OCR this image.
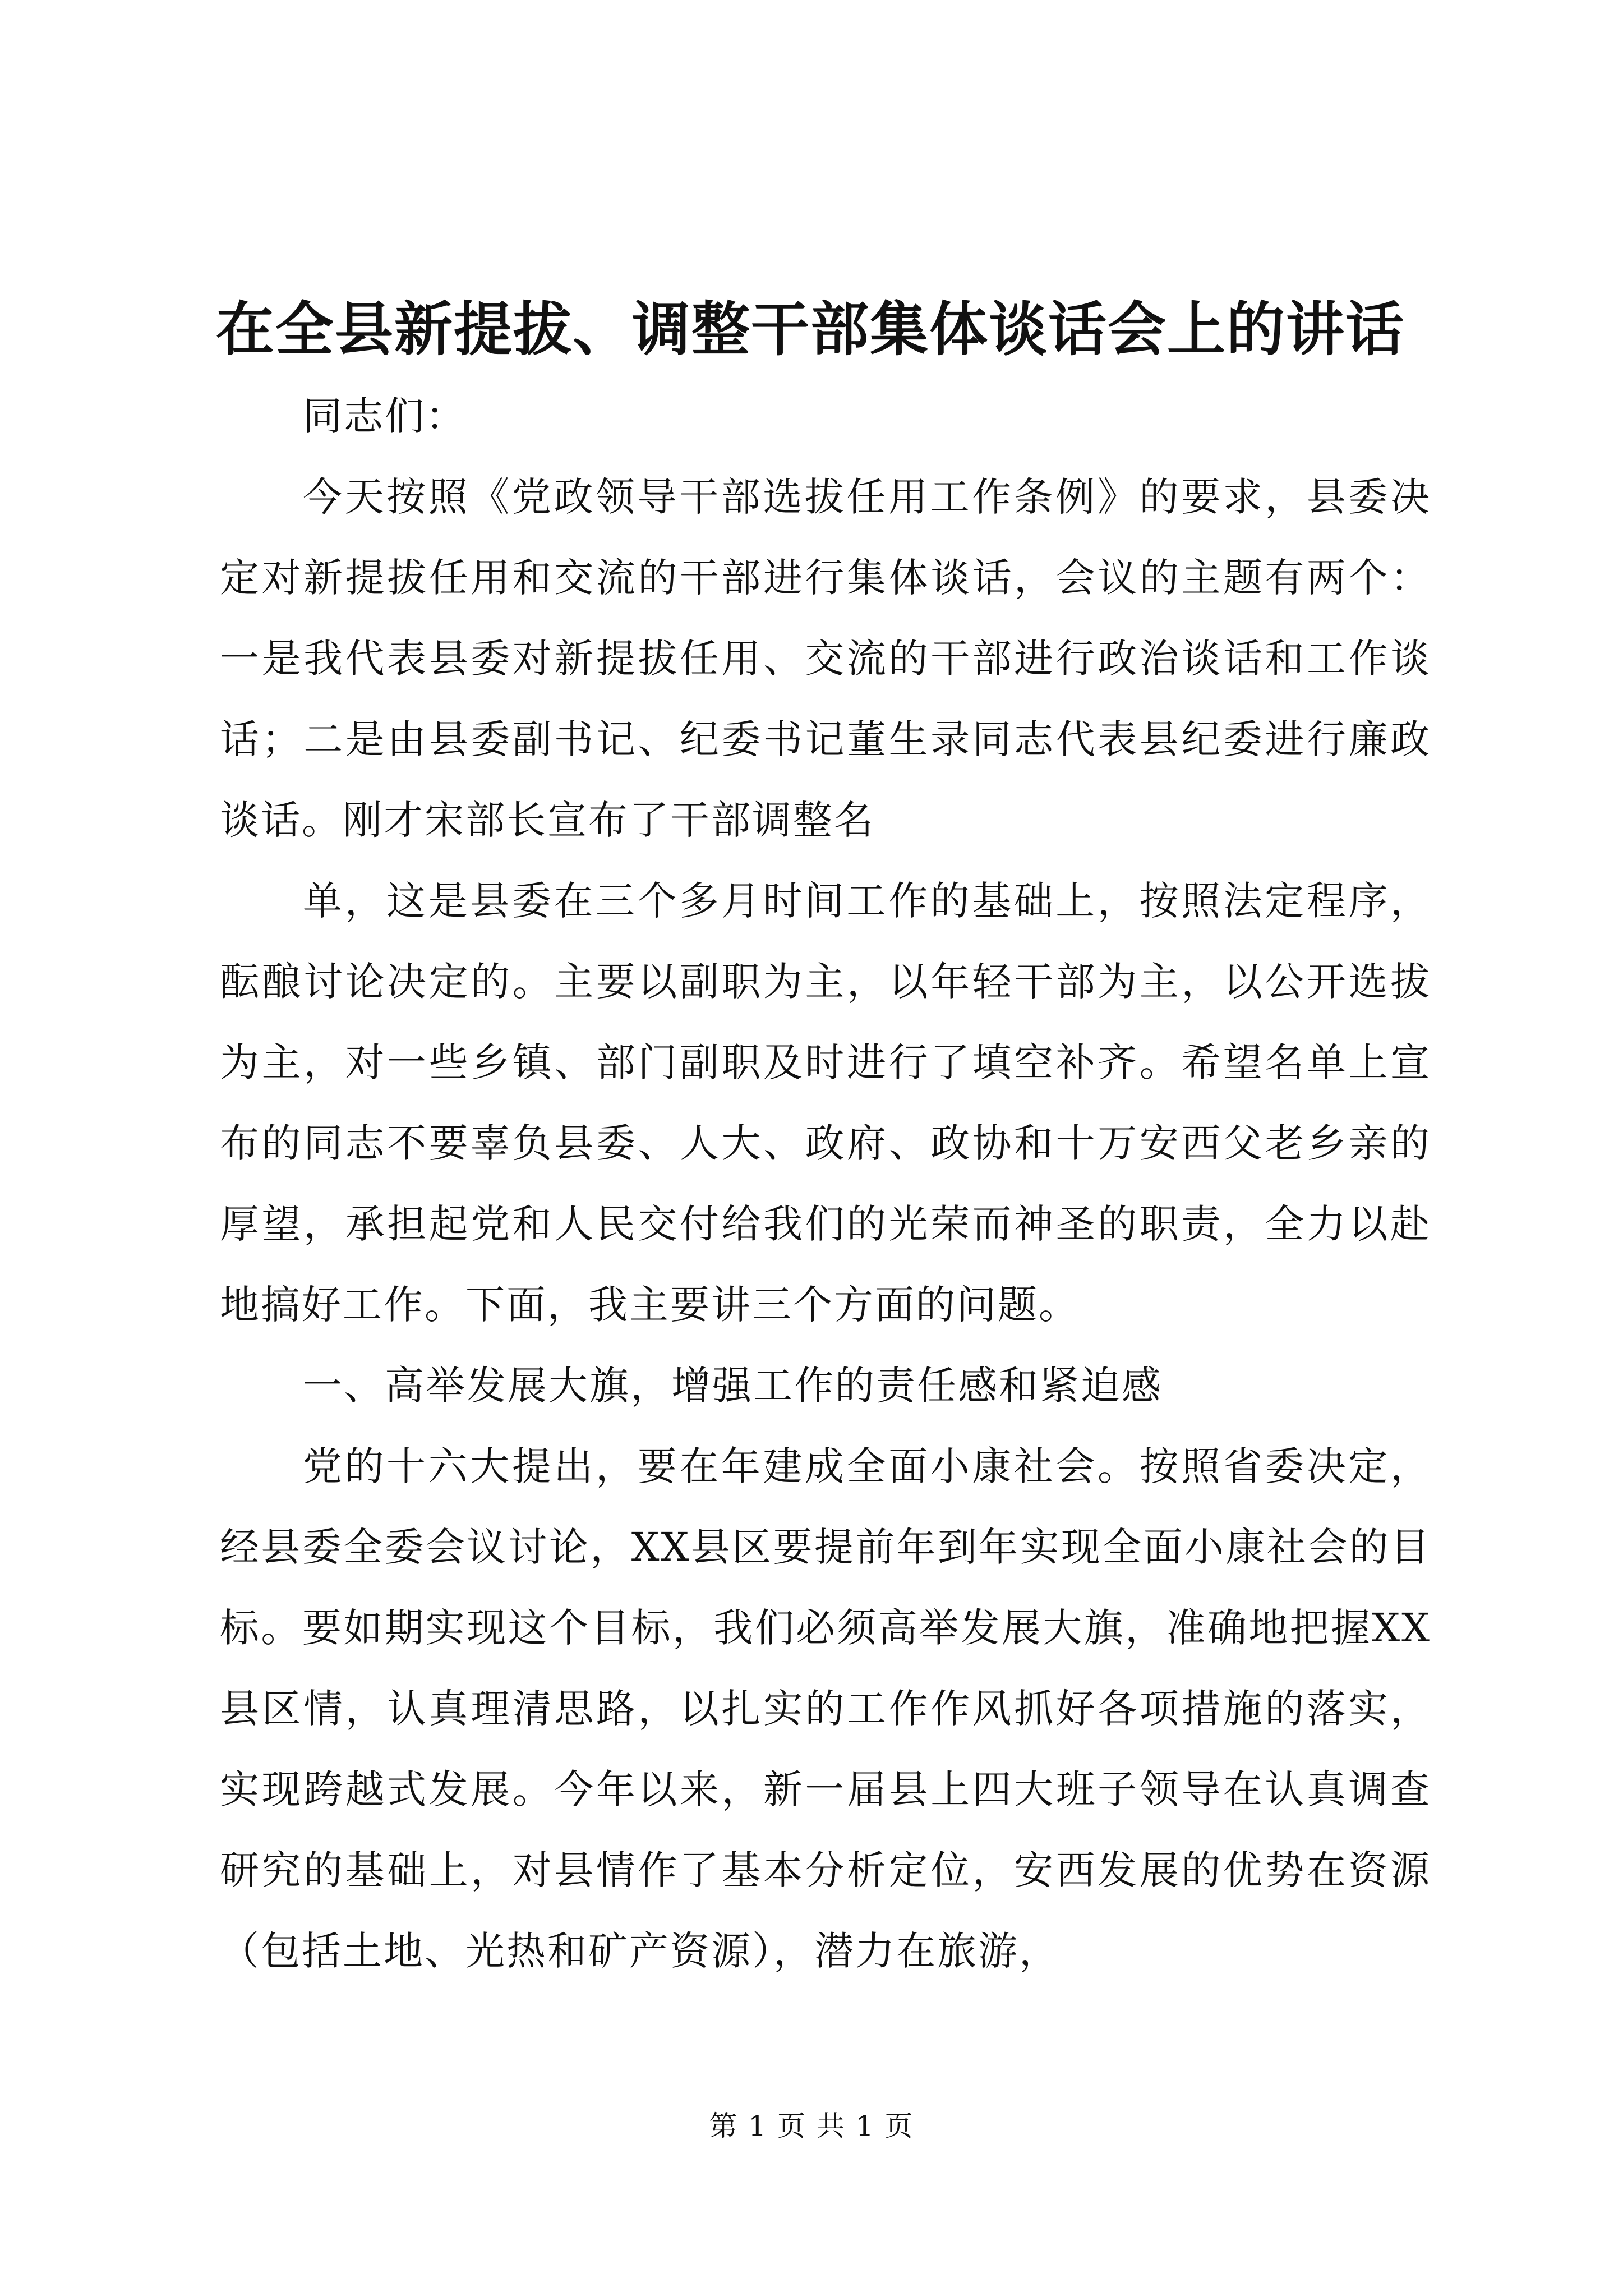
在全县新提拔、调整干部集体谈话会上的讲话

同志们：

今天按照《党政领导干部选拔任用工作条例》的要求，县委决定对新提拔任用和交流的干部进行集体谈话，会议的主题有两个：一是我代表县委对新提拔任用、交流的干部进行政治谈话和工作谈话；二是由县委副书记、纪委书记董生录同志代表县纪委进行廉政谈话。刚才宋部长宣布了干部调整名

单，这是县委在三个多月时间工作的基础上，按照法定程序，酝酿讨论决定的。主要以副职为主，以年轻干部为主，以公开选拔为主，对一些乡镇、部门副职及时进行了填空补齐。希望名单上宣布的同志不要辜负县委、人大、政府、政协和十万安西父老乡亲的厚望，承担起党和人民交付给我们的光荣而神圣的职责，全力以赴地搞好工作。下面，我主要讲三个方面的问题。

一、高举发展大旗，增强工作的责任感和紧迫感

党的十六大提出，要在年建成全面小康社会。按照省委决定，经县委全委会议讨论，XX县区要提前年到年实现全面小康社会的目标。要如期实现这个目标，我们必须高举发展大旗，准确地把握XX县区情，认真理清思路，以扎实的工作作风抓好各项措施的落实，实现跨越式发展。今年以来，新一届县上四大班子领导在认真调查研究的基础上，对县情作了基本分析定位，安西发展的优势在资源（包括土地、光热和矿产资源），潜力在旅游，

第 1 页 共 1 页
